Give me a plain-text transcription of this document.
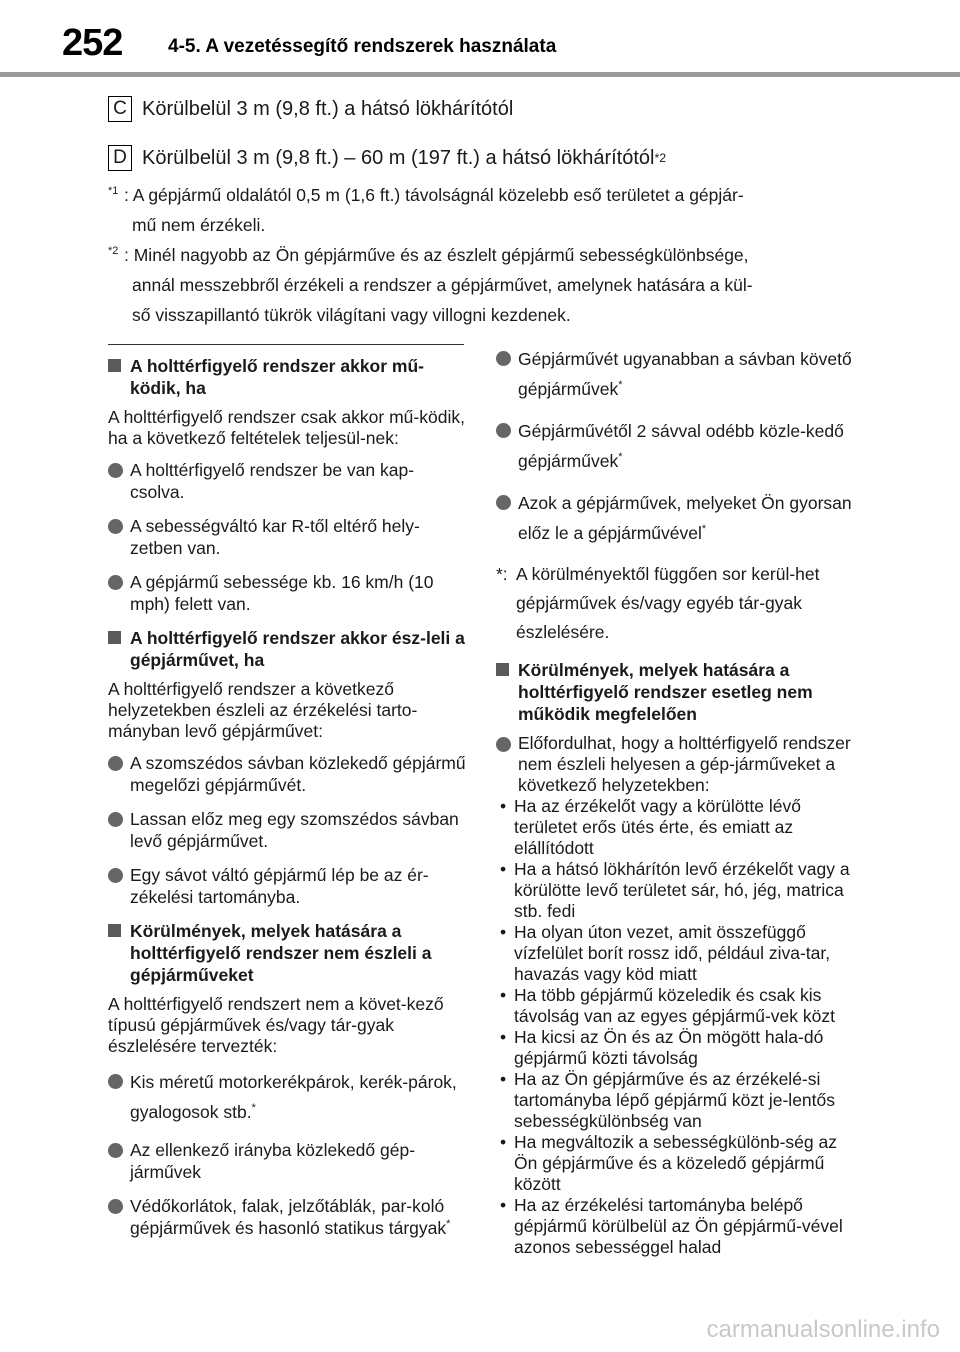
252 4-5. A vezetéssegítő rendszerek használata
C Körülbelül 3 m (9,8 ft.) a hátsó lökhárítótól
D Körülbelül 3 m (9,8 ft.) – 60 m (197 ft.) a hátsó lökhárítótól *2
$^{*1}$ : A gépjármű oldalától 0,5 m (1,6 ft.) távolságnál közelebb eső területet a gépjár-
mű nem érzékeli.
$^{*2}$ : Minél nagyobb az Ön gépjárműve és az észlelt gépjármű sebességkülönbsége,
annál messzebbről érzékeli a rendszer a gépjárművet, amelynek hatására a kül-
ső visszapillantó tükrök világítani vagy villogni kezdenek.
A holttérfigyelő rendszer akkor mű-ködik, ha
A holttérfigyelő rendszer csak akkor mű-ködik, ha a következő feltételek teljesül-nek:
A holttérfigyelő rendszer be van kap-csolva.
A sebességváltó kar R-től eltérő hely-zetben van.
A gépjármű sebessége kb. 16 km/h (10 mph) felett van.
A holttérfigyelő rendszer akkor ész-leli a gépjárművet, ha
A holttérfigyelő rendszer a következő helyzetekben észleli az érzékelési tarto-mányban levő gépjárművet:
A szomszédos sávban közlekedő gépjármű megelőzi gépjárművét.
Lassan előz meg egy szomszédos sávban levő gépjárművet.
Egy sávot váltó gépjármű lép be az ér-zékelési tartományba.
Körülmények, melyek hatására a holttérfigyelő rendszer nem észleli a gépjárműveket
A holttérfigyelő rendszert nem a követ-kező típusú gépjárművek és/vagy tár-gyak észlelésére tervezték:
Kis méretű motorkerékpárok, kerék-párok, gyalogosok stb.*
Az ellenkező irányba közlekedő gép-járművek
Védőkorlátok, falak, jelzőtáblák, par-koló gépjárművek és hasonló statikus tárgyak*
Gépjárművét ugyanabban a sávban követő gépjárművek*
Gépjárművétől 2 sávval odébb közle-kedő gépjárművek*
Azok a gépjárművek, melyeket Ön gyorsan előz le a gépjárművével*
*: A körülményektől függően sor kerül-het gépjárművek és/vagy egyéb tár-gyak észlelésére.
Körülmények, melyek hatására a holttérfigyelő rendszer esetleg nem működik megfelelően
Előfordulhat, hogy a holttérfigyelő rendszer nem észleli helyesen a gép-járműveket a következő helyzetekben:
• Ha az érzékelőt vagy a körülötte lévő területet erős ütés érte, és emiatt az elállítódott
• Ha a hátsó lökhárítón levő érzékelőt vagy a körülötte levő területet sár, hó, jég, matrica stb. fedi
• Ha olyan úton vezet, amit összefüggő vízfelület borít rossz idő, például ziva-tar, havazás vagy köd miatt
• Ha több gépjármű közeledik és csak kis távolság van az egyes gépjármű-vek közt
• Ha kicsi az Ön és az Ön mögött hala-dó gépjármű közti távolság
• Ha az Ön gépjárműve és az érzékelé-si tartományba lépő gépjármű közt je-lentős sebességkülönbség van
• Ha megváltozik a sebességkülönb-ség az Ön gépjárműve és a közeledő gépjármű között
• Ha az érzékelési tartományba belépő gépjármű körülbelül az Ön gépjármű-vével azonos sebességgel halad
carmanualsonline.info
